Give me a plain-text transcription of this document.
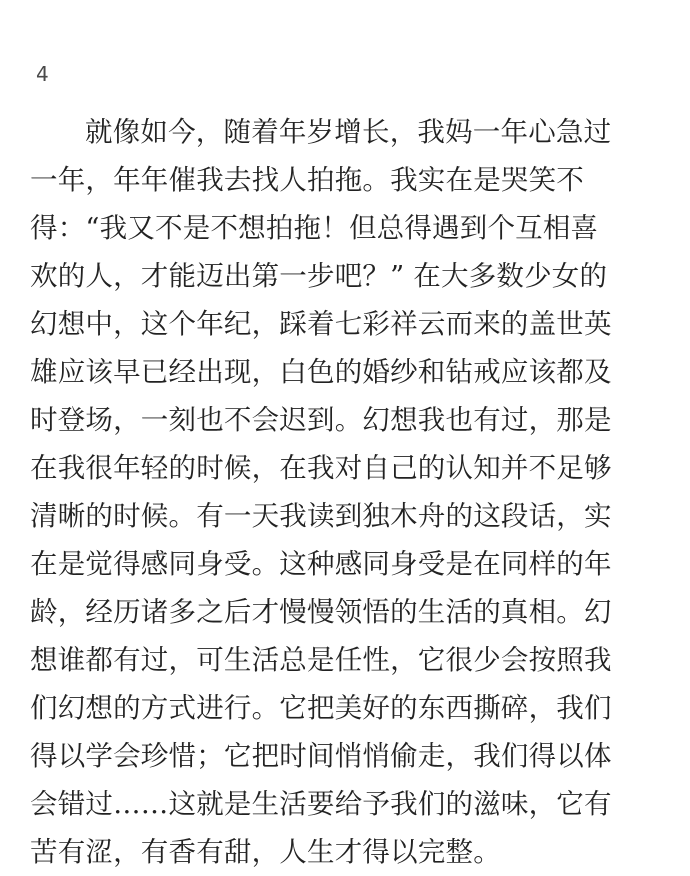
4
就像如今，随着年岁增长，我妈一年心急过
一年，年年催我去找人拍拖。我实在是哭笑不
得：“我又不是不想拍拖！但总得遇到个互相喜
欢的人，才能迈出第一步吧？” 在大多数少女的
幻想中，这个年纪，踩着七彩祥云而来的盖世英
雄应该早已经出现，白色的婚纱和钻戒应该都及
时登场，一刻也不会迟到。幻想我也有过，那是
在我很年轻的时候，在我对自己的认知并不足够
清晰的时候。有一天我读到独木舟的这段话，实
在是觉得感同身受。这种感同身受是在同样的年
龄，经历诸多之后才慢慢领悟的生活的真相。幻
想谁都有过，可生活总是任性，它很少会按照我
们幻想的方式进行。它把美好的东西撕碎，我们
得以学会珍惜；它把时间悄悄偷走，我们得以体
会错过……这就是生活要给予我们的滋味，它有
苦有涩，有香有甜，人生才得以完整。
